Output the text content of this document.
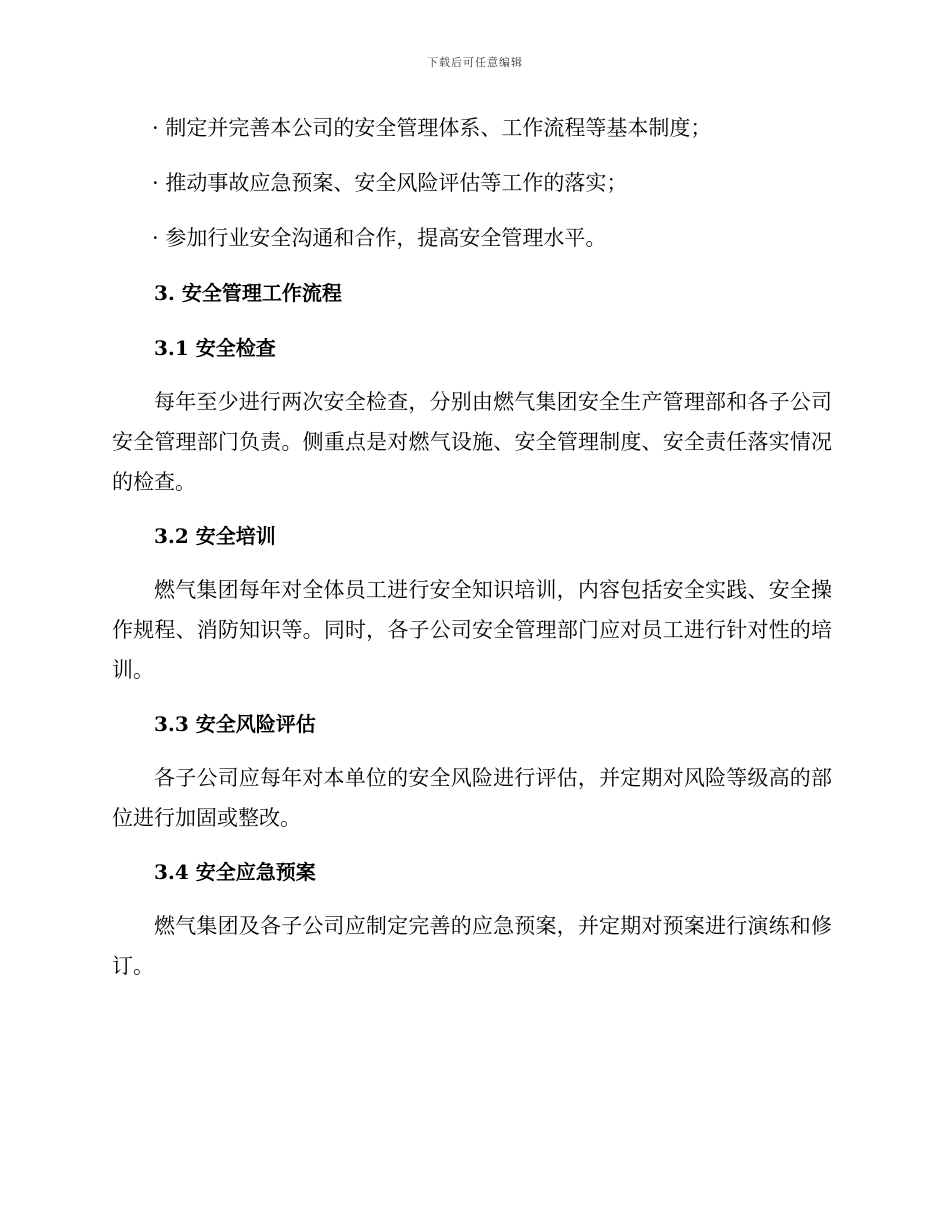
下载后可任意编辑
· 制定并完善本公司的安全管理体系、工作流程等基本制度；
· 推动事故应急预案、安全风险评估等工作的落实；
· 参加行业安全沟通和合作，提高安全管理水平。
3. 安全管理工作流程
3.1 安全检查
每年至少进行两次安全检查，分别由燃气集团安全生产管理部和各子公司安全管理部门负责。侧重点是对燃气设施、安全管理制度、安全责任落实情况的检查。
3.2 安全培训
燃气集团每年对全体员工进行安全知识培训，内容包括安全实践、安全操作规程、消防知识等。同时，各子公司安全管理部门应对员工进行针对性的培训。
3.3 安全风险评估
各子公司应每年对本单位的安全风险进行评估，并定期对风险等级高的部位进行加固或整改。
3.4 安全应急预案
燃气集团及各子公司应制定完善的应急预案，并定期对预案进行演练和修订。
